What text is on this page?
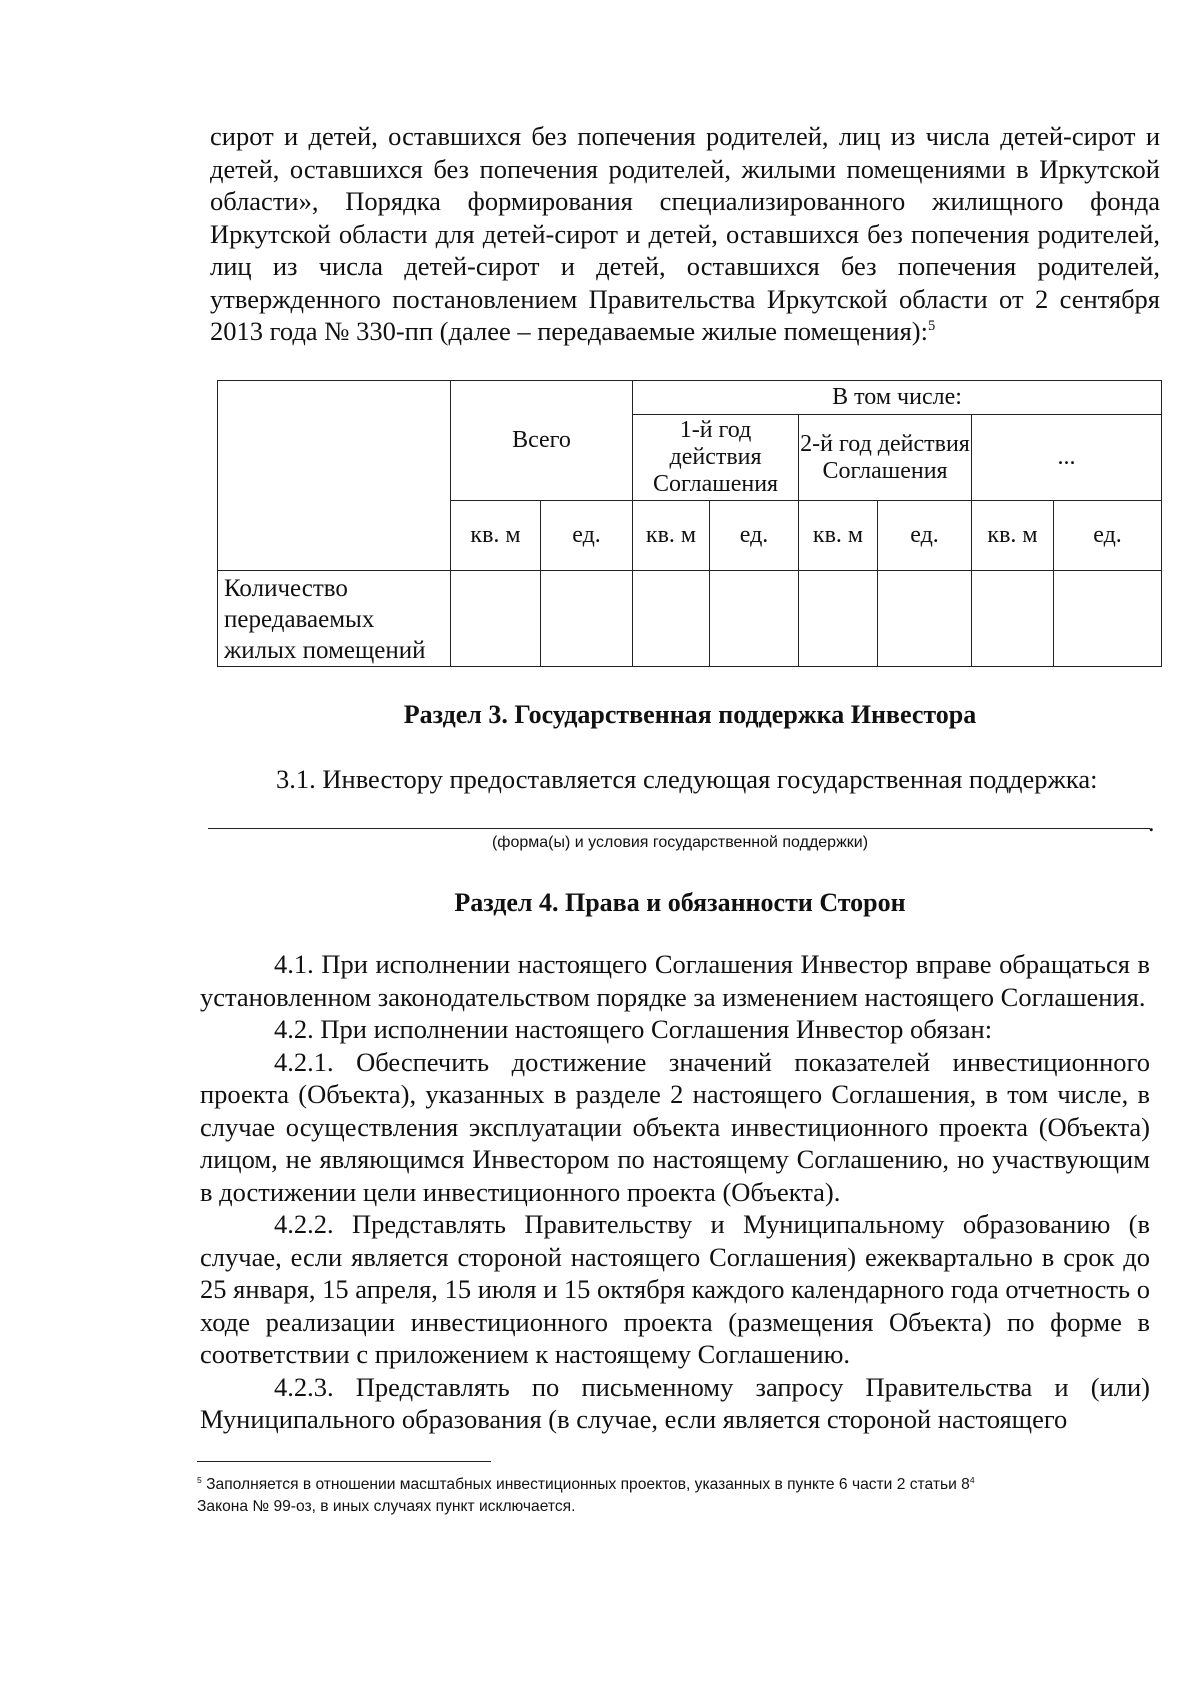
сирот и детей, оставшихся без попечения родителей, лиц из числа детей-сирот и детей, оставшихся без попечения родителей, жилыми помещениями в Иркутской области», Порядка формирования специализированного жилищного фонда Иркутской области для детей-сирот и детей, оставшихся без попечения родителей, лиц из числа детей-сирот и детей, оставшихся без попечения родителей, утвержденного постановлением Правительства Иркутской области от 2 сентября 2013 года № 330-пп (далее – передаваемые жилые помещения):$^5$
	Всего		В том числе:					
			1-й год действия Соглашения		2-й год действия Соглашения		...	
	кв. м	ед.	кв. м	ед.	кв. м	ед.	кв. м	ед.
Количество передаваемых жилых помещений								
Раздел 3. Государственная поддержка Инвестора
3.1. Инвестору предоставляется следующая государственная поддержка:
.
(форма(ы) и условия государственной поддержки)
Раздел 4. Права и обязанности Сторон

4.1. При исполнении настоящего Соглашения Инвестор вправе обращаться в установленном законодательством порядке за изменением настоящего Соглашения.

4.2. При исполнении настоящего Соглашения Инвестор обязан:

4.2.1. Обеспечить достижение значений показателей инвестиционного проекта (Объекта), указанных в разделе 2 настоящего Соглашения, в том числе, в случае осуществления эксплуатации объекта инвестиционного проекта (Объекта) лицом, не являющимся Инвестором по настоящему Соглашению, но участвующим в достижении цели инвестиционного проекта (Объекта).

4.2.2. Представлять Правительству и Муниципальному образованию (в случае, если является стороной настоящего Соглашения) ежеквартально в срок до 25 января, 15 апреля, 15 июля и 15 октября каждого календарного года отчетность о ходе реализации инвестиционного проекта (размещения Объекта) по форме в соответствии с приложением к настоящему Соглашению.

4.2.3. Представлять по письменному запросу Правительства и (или) Муниципального образования (в случае, если является стороной настоящего

$^5$ Заполняется в отношении масштабных инвестиционных проектов, указанных в пункте 6 части 2 статьи $8^4$
Закона № 99-оз, в иных случаях пункт исключается.
